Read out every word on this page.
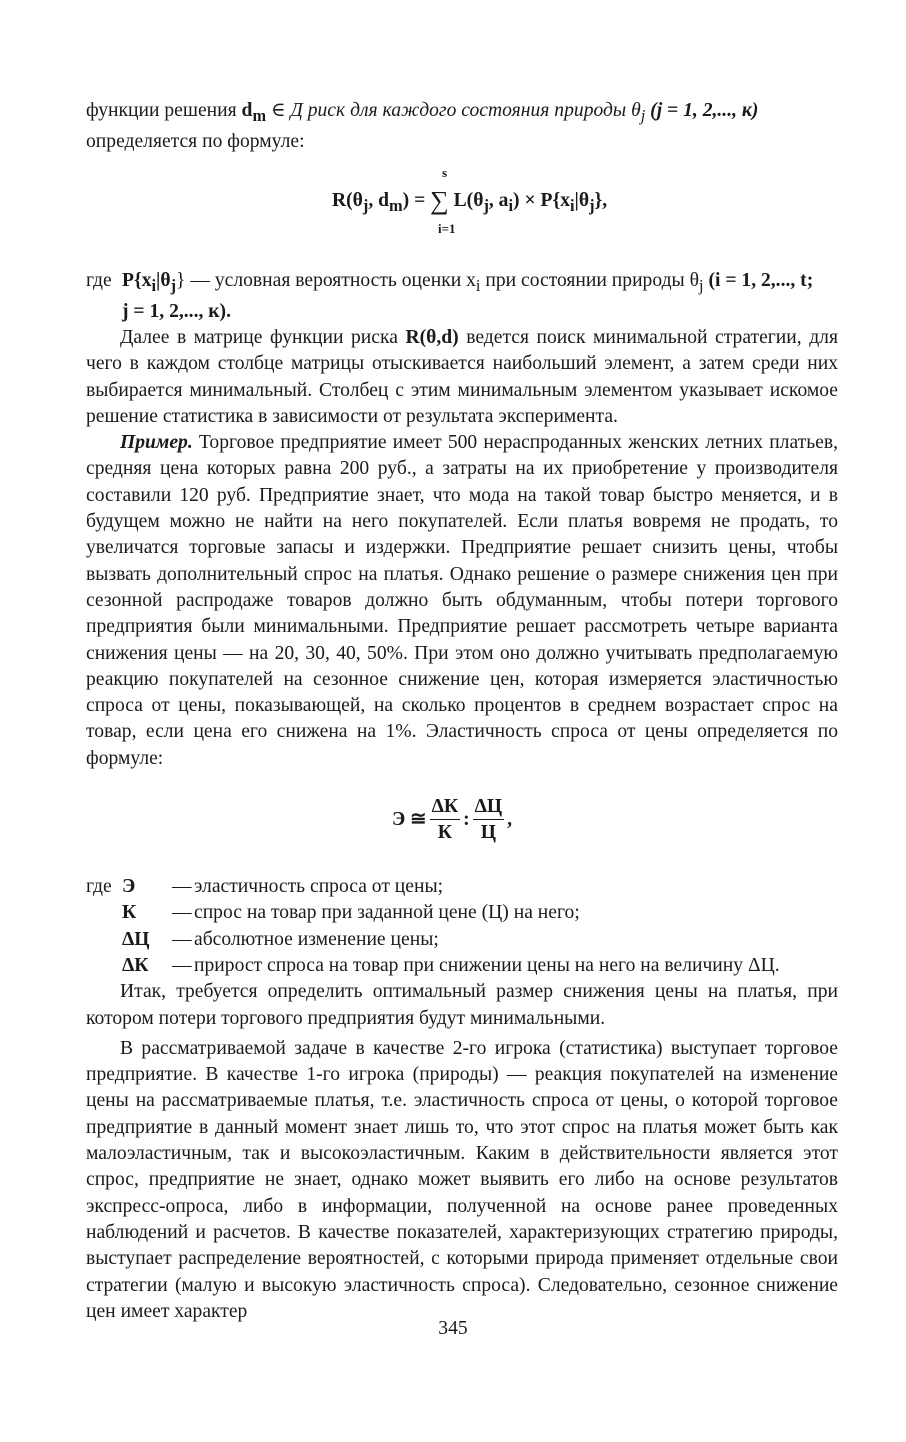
функции решения $d_m$ ∈ Д риск для каждого состояния природы $\theta_j$ (j = 1, 2,..., к)
определяется по формуле:

s
$R(\theta_j$, $d_m$) = ∑ $L(\theta_j$, $a_i) \times P\{x_i|\theta_j\}$,
i=1
где $P\{x_i|\theta_j\}$ — условная вероятность оценки $x_i$ при состоянии природы $\theta_j$ (i = 1, 2,..., t;
j = 1, 2,..., к).

Далее в матрице функции риска R(θ,d) ведется поиск минимальной стратегии, для чего в каждом столбце матрицы отыскивается наибольший элемент, а затем среди них выбирается минимальный. Столбец с этим минимальным элементом указывает искомое решение статистика в зависимости от результата эксперимента.

Пример. Торговое предприятие имеет 500 нераспроданных женских летних платьев, средняя цена которых равна 200 руб., а затраты на их приобретение у производителя составили 120 руб. Предприятие знает, что мода на такой товар быстро меняется, и в будущем можно не найти на него покупателей. Если платья вовремя не продать, то увеличатся торговые запасы и издержки. Предприятие решает снизить цены, чтобы вызвать дополнительный спрос на платья. Однако решение о размере снижения цен при сезонной распродаже товаров должно быть обдуманным, чтобы потери торгового предприятия были минимальными. Предприятие решает рассмотреть четыре варианта снижения цены — на 20, 30, 40, 50%. При этом оно должно учитывать предполагаемую реакцию покупателей на сезонное снижение цен, которая измеряется эластичностью спроса от цены, показывающей, на сколько процентов в среднем возрастает спрос на товар, если цена его снижена на 1%. Эластичность спроса от цены определяется по формуле:

Э ≅ $\frac{\Delta К}{К}$ : $\frac{\Delta Ц}{Ц}$ ,
где Э	— эластичность спроса от цены;
К	— спрос на товар при заданной цене (Ц) на него;
ΔЦ	— абсолютное изменение цены;
ΔК	— прирост спроса на товар при снижении цены на него на величину ΔЦ.

Итак, требуется определить оптимальный размер снижения цены на платья, при котором потери торгового предприятия будут минимальными.

В рассматриваемой задаче в качестве 2-го игрока (статистика) выступает торговое предприятие. В качестве 1-го игрока (природы) — реакция покупателей на изменение цены на рассматриваемые платья, т.е. эластичность спроса от цены, о которой торговое предприятие в данный момент знает лишь то, что этот спрос на платья может быть как малоэластичным, так и высокоэластичным. Каким в действительности является этот спрос, предприятие не знает, однако может выявить его либо на основе результатов экспресс-опроса, либо в информации, полученной на основе ранее проведенных наблюдений и расчетов. В качестве показателей, характеризующих стратегию природы, выступает распределение вероятностей, с которыми природа применяет отдельные свои стратегии (малую и высокую эластичность спроса). Следовательно, сезонное снижение цен имеет характер

345
